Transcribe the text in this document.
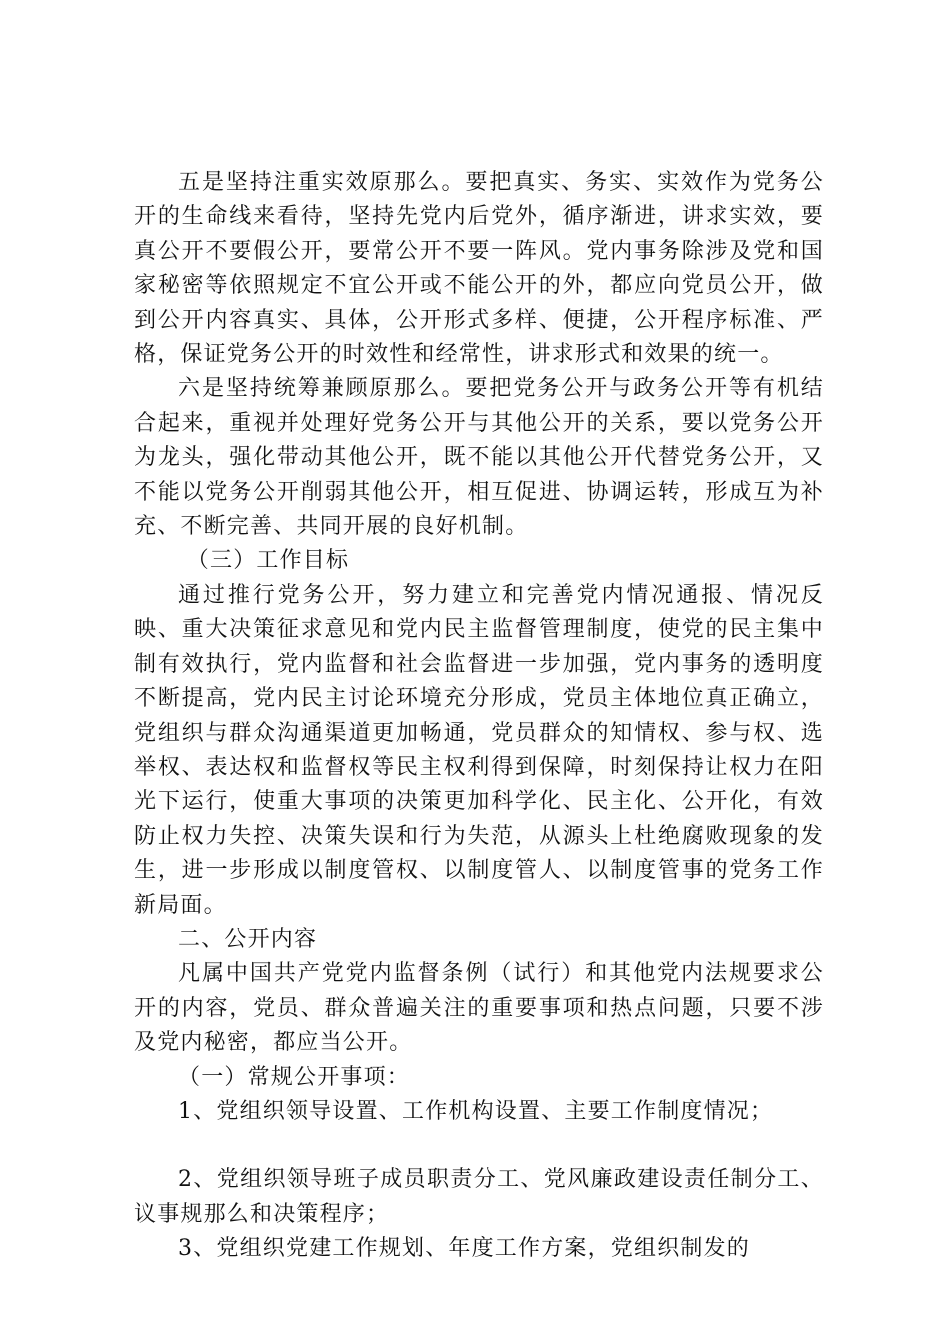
五是坚持注重实效原那么。要把真实、务实、实效作为党务公开的生命线来看待，坚持先党内后党外，循序渐进，讲求实效，要真公开不要假公开，要常公开不要一阵风。党内事务除涉及党和国家秘密等依照规定不宜公开或不能公开的外，都应向党员公开，做到公开内容真实、具体，公开形式多样、便捷，公开程序标准、严格，保证党务公开的时效性和经常性，讲求形式和效果的统一。

六是坚持统筹兼顾原那么。要把党务公开与政务公开等有机结合起来，重视并处理好党务公开与其他公开的关系，要以党务公开为龙头，强化带动其他公开，既不能以其他公开代替党务公开，又不能以党务公开削弱其他公开，相互促进、协调运转，形成互为补充、不断完善、共同开展的良好机制。

（三）工作目标

通过推行党务公开，努力建立和完善党内情况通报、情况反映、重大决策征求意见和党内民主监督管理制度，使党的民主集中制有效执行，党内监督和社会监督进一步加强，党内事务的透明度不断提高，党内民主讨论环境充分形成，党员主体地位真正确立，党组织与群众沟通渠道更加畅通，党员群众的知情权、参与权、选举权、表达权和监督权等民主权利得到保障，时刻保持让权力在阳光下运行，使重大事项的决策更加科学化、民主化、公开化，有效防止权力失控、决策失误和行为失范，从源头上杜绝腐败现象的发生，进一步形成以制度管权、以制度管人、以制度管事的党务工作新局面。

二、公开内容

凡属中国共产党党内监督条例（试行）和其他党内法规要求公开的内容，党员、群众普遍关注的重要事项和热点问题，只要不涉及党内秘密，都应当公开。

（一）常规公开事项：

1、党组织领导设置、工作机构设置、主要工作制度情况；

2、党组织领导班子成员职责分工、党风廉政建设责任制分工、议事规那么和决策程序；

3、党组织党建工作规划、年度工作方案，党组织制发的
